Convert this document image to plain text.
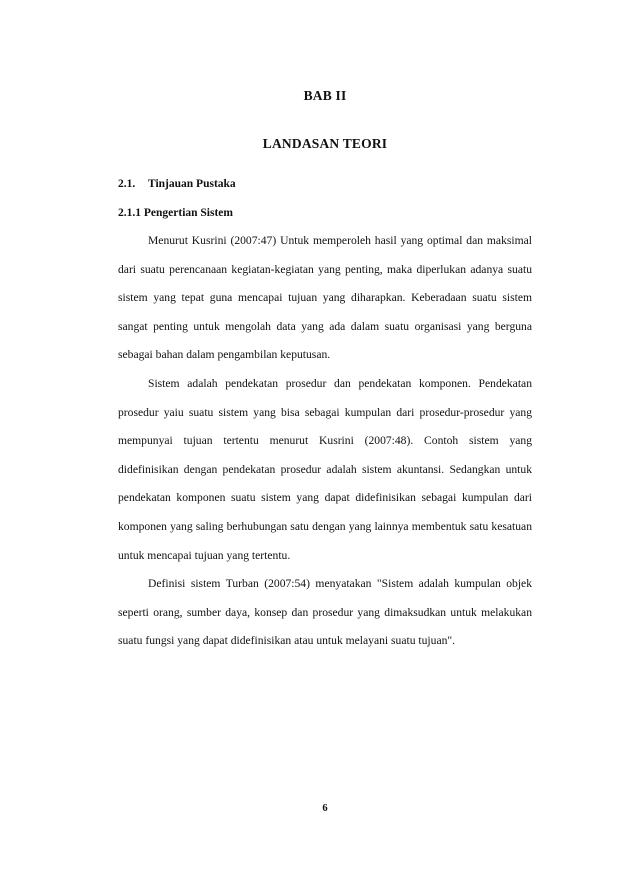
BAB II
LANDASAN TEORI
2.1. Tinjauan Pustaka
2.1.1 Pengertian Sistem

Menurut Kusrini (2007:47) Untuk memperoleh hasil yang optimal dan maksimal dari suatu perencanaan kegiatan-kegiatan yang penting, maka diperlukan adanya suatu sistem yang tepat guna mencapai tujuan yang diharapkan. Keberadaan suatu sistem sangat penting untuk mengolah data yang ada dalam suatu organisasi yang berguna sebagai bahan dalam pengambilan keputusan.

Sistem adalah pendekatan prosedur dan pendekatan komponen. Pendekatan prosedur yaiu suatu sistem yang bisa sebagai kumpulan dari prosedur-prosedur yang mempunyai tujuan tertentu menurut Kusrini (2007:48). Contoh sistem yang didefinisikan dengan pendekatan prosedur adalah sistem akuntansi. Sedangkan untuk pendekatan komponen suatu sistem yang dapat didefinisikan sebagai kumpulan dari komponen yang saling berhubungan satu dengan yang lainnya membentuk satu kesatuan untuk mencapai tujuan yang tertentu.

Definisi sistem Turban (2007:54) menyatakan "Sistem adalah kumpulan objek seperti orang, sumber daya, konsep dan prosedur yang dimaksudkan untuk melakukan suatu fungsi yang dapat didefinisikan atau untuk melayani suatu tujuan".

6
